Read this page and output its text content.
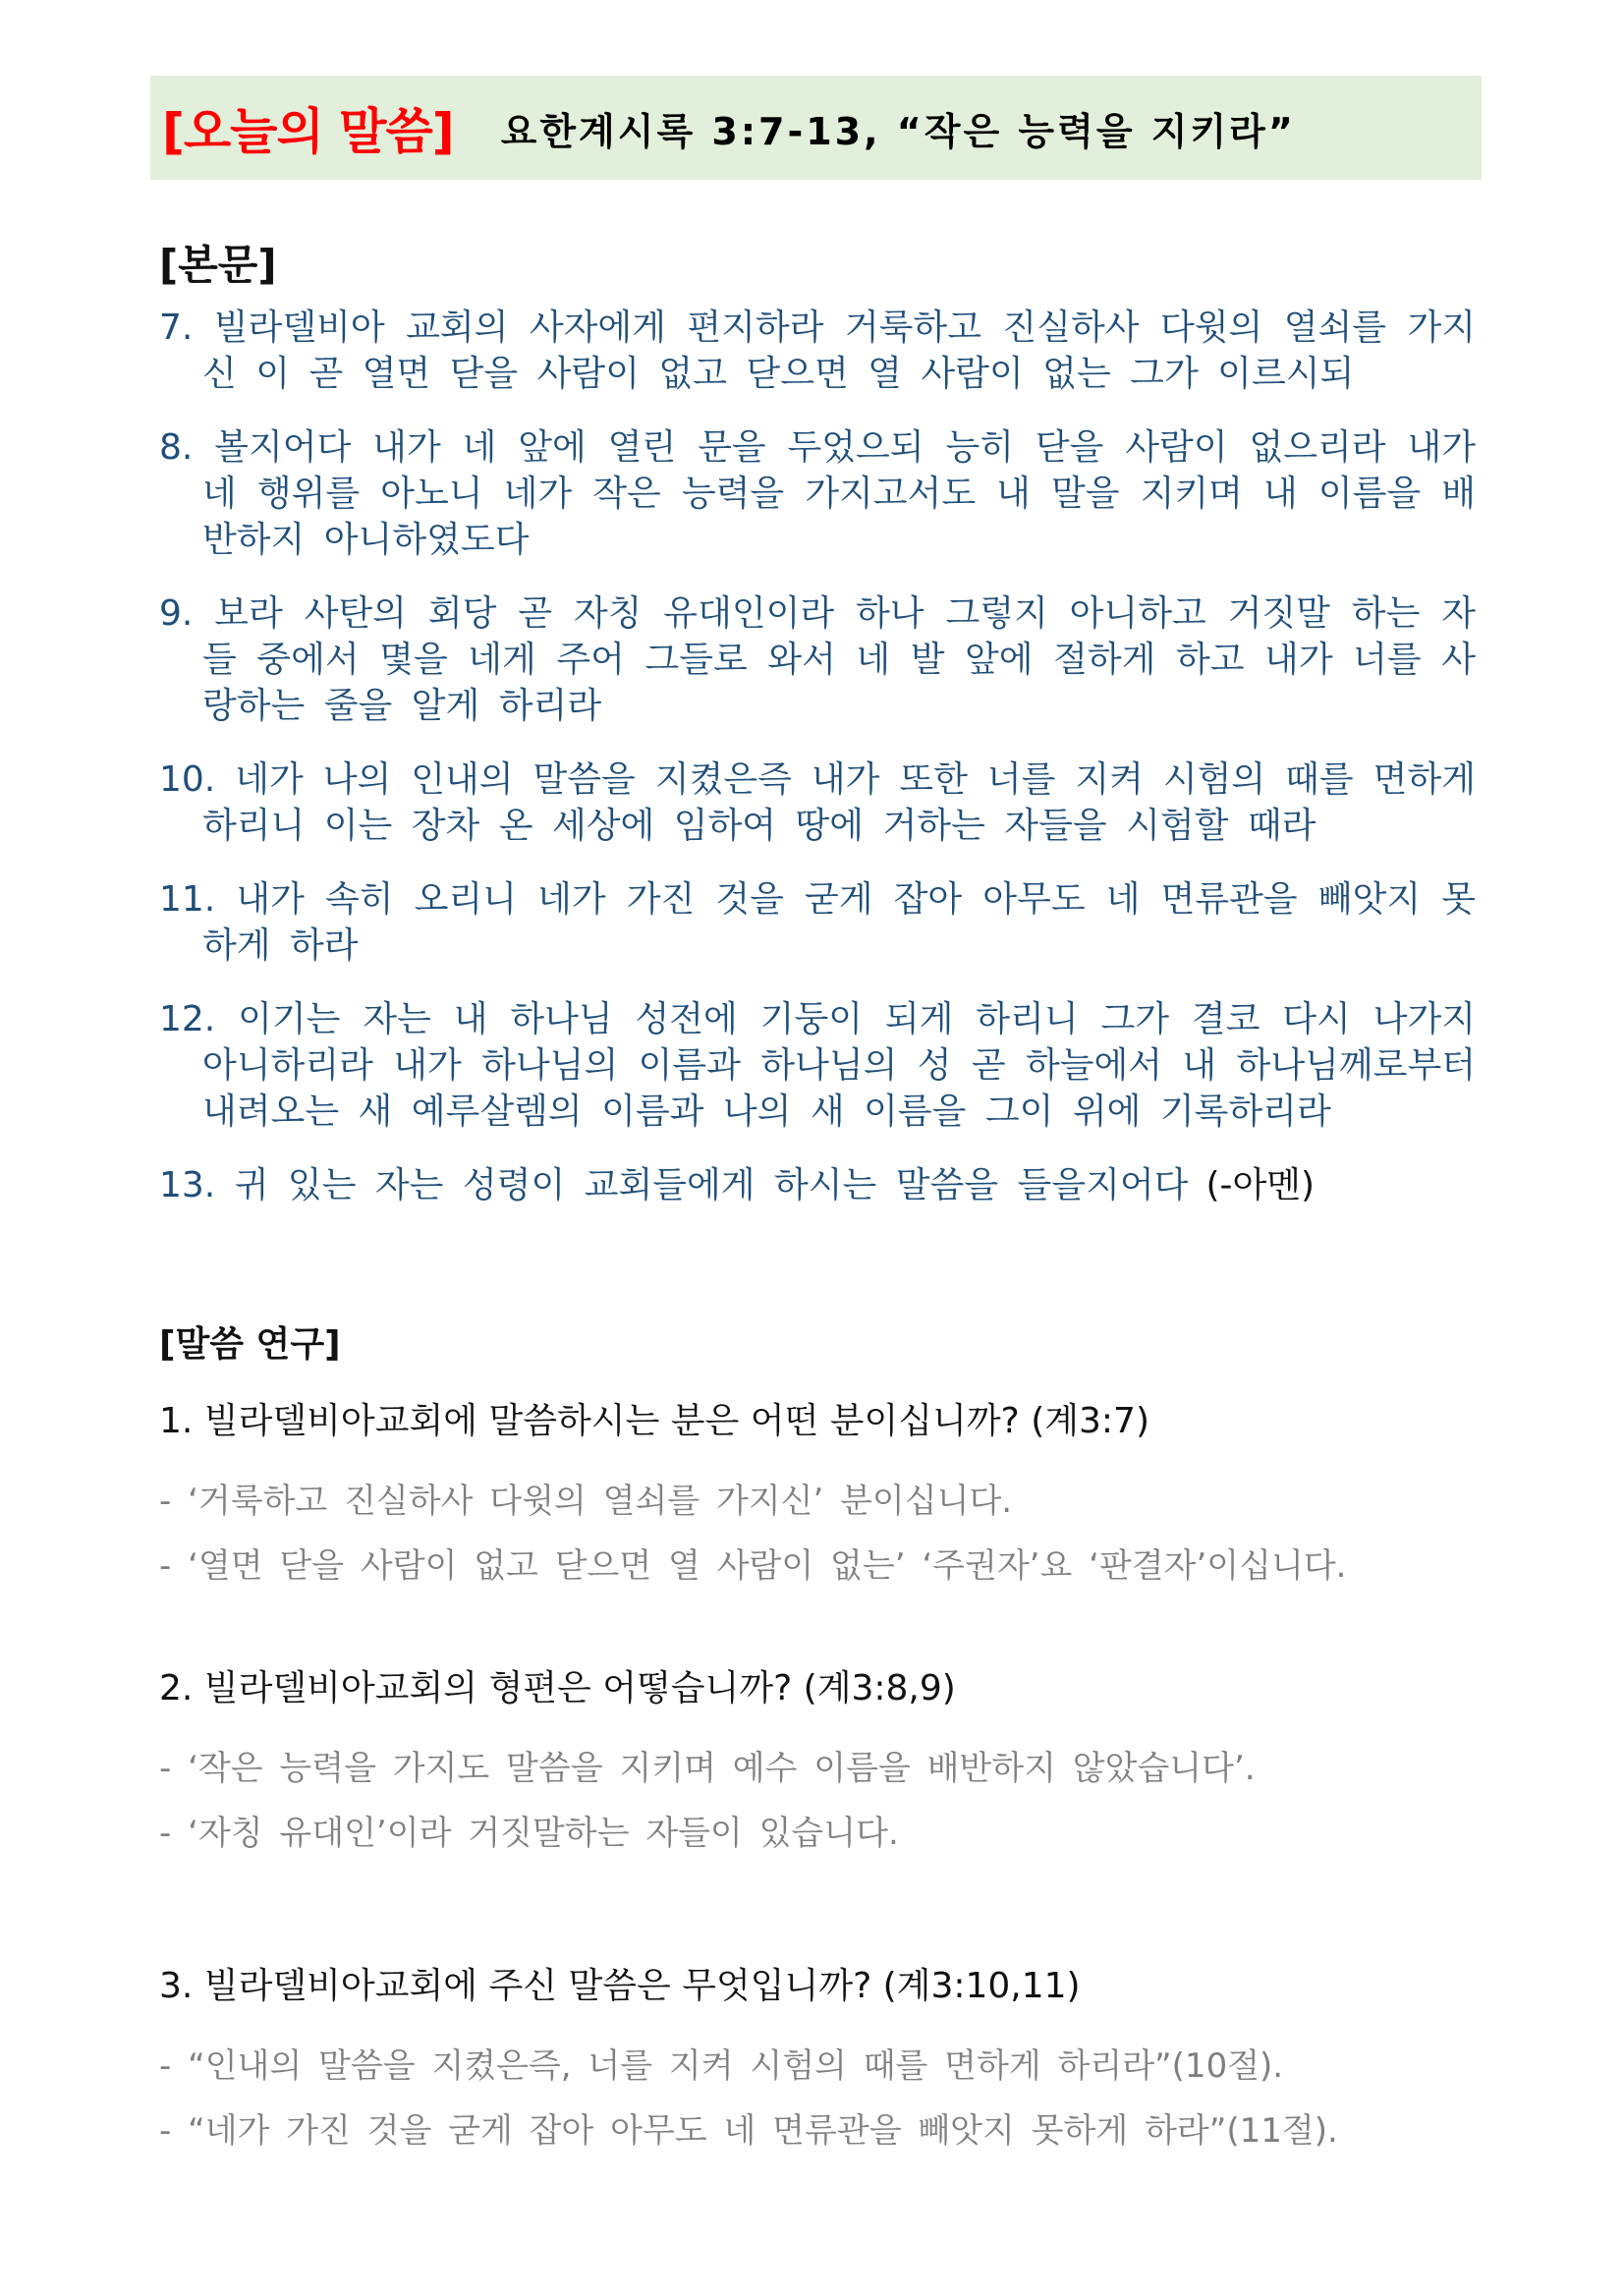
[오늘의 말씀] 요한계시록 3:7-13, “작은 능력을 지키라”
[본문]

7. 빌라델비아 교회의 사자에게 편지하라 거룩하고 진실하사 다윗의 열쇠를 가지신 이 곧 열면 닫을 사람이 없고 닫으면 열 사람이 없는 그가 이르시되

8. 볼지어다 내가 네 앞에 열린 문을 두었으되 능히 닫을 사람이 없으리라 내가 네 행위를 아노니 네가 작은 능력을 가지고서도 내 말을 지키며 내 이름을 배반하지 아니하였도다

9. 보라 사탄의 회당 곧 자칭 유대인이라 하나 그렇지 아니하고 거짓말 하는 자들 중에서 몇을 네게 주어 그들로 와서 네 발 앞에 절하게 하고 내가 너를 사랑하는 줄을 알게 하리라

10. 네가 나의 인내의 말씀을 지켰은즉 내가 또한 너를 지켜 시험의 때를 면하게 하리니 이는 장차 온 세상에 임하여 땅에 거하는 자들을 시험할 때라

11. 내가 속히 오리니 네가 가진 것을 굳게 잡아 아무도 네 면류관을 빼앗지 못하게 하라

12. 이기는 자는 내 하나님 성전에 기둥이 되게 하리니 그가 결코 다시 나가지 아니하리라 내가 하나님의 이름과 하나님의 성 곧 하늘에서 내 하나님께로부터 내려오는 새 예루살렘의 이름과 나의 새 이름을 그이 위에 기록하리라

13. 귀 있는 자는 성령이 교회들에게 하시는 말씀을 들을지어다 (-아멘)

[말씀 연구]
1. 빌라델비아교회에 말씀하시는 분은 어떤 분이십니까? (계3:7)
- ‘거룩하고 진실하사 다윗의 열쇠를 가지신’ 분이십니다.
- ‘열면 닫을 사람이 없고 닫으면 열 사람이 없는’ ‘주권자’요 ‘판결자’이십니다.
2. 빌라델비아교회의 형편은 어떻습니까? (계3:8,9)
- ‘작은 능력을 가지도 말씀을 지키며 예수 이름을 배반하지 않았습니다’.
- ‘자칭 유대인’이라 거짓말하는 자들이 있습니다.
3. 빌라델비아교회에 주신 말씀은 무엇입니까? (계3:10,11)
- “인내의 말씀을 지켰은즉, 너를 지켜 시험의 때를 면하게 하리라”(10절).
- “네가 가진 것을 굳게 잡아 아무도 네 면류관을 빼앗지 못하게 하라”(11절).
